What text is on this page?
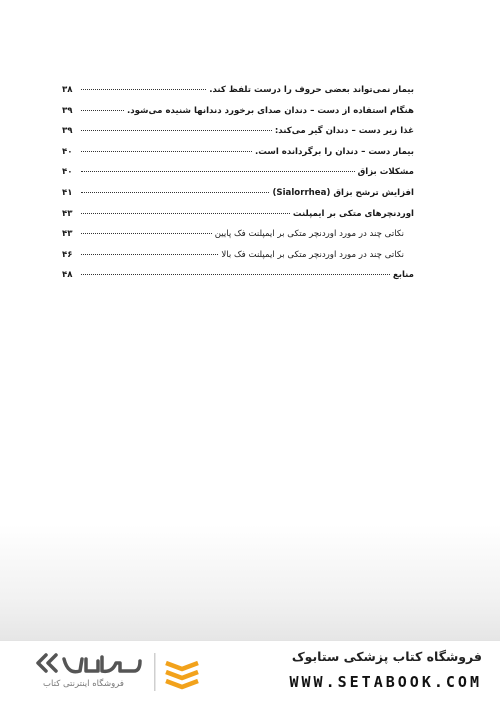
بیمار نمی‌تواند بعضی حروف را درست تلفظ کند.
۳۸
هنگام استفاده از دست – دندان صدای برخورد دندانها شنیده می‌شود.
۳۹
غذا زیر دست – دندان گیر می‌کند:
۳۹
بیمار دست – دندان را برگردانده است.
۴۰
مشکلات بزاق
۴۰
افزایش ترشح بزاق (Sialorrhea)
۴۱
اوردنچرهای متکی بر ایمپلنت
۴۳
نکاتی چند در مورد اوردنچر متکی بر ایمپلنت فک پایین
۴۳
نکاتی چند در مورد اوردنچر متکی بر ایمپلنت فک بالا
۴۶
منابع
۴۸
فروشگاه اینترنتی کتاب
فروشگاه کتاب پزشکی ستابوک
WWW.SETABOOK.COM
